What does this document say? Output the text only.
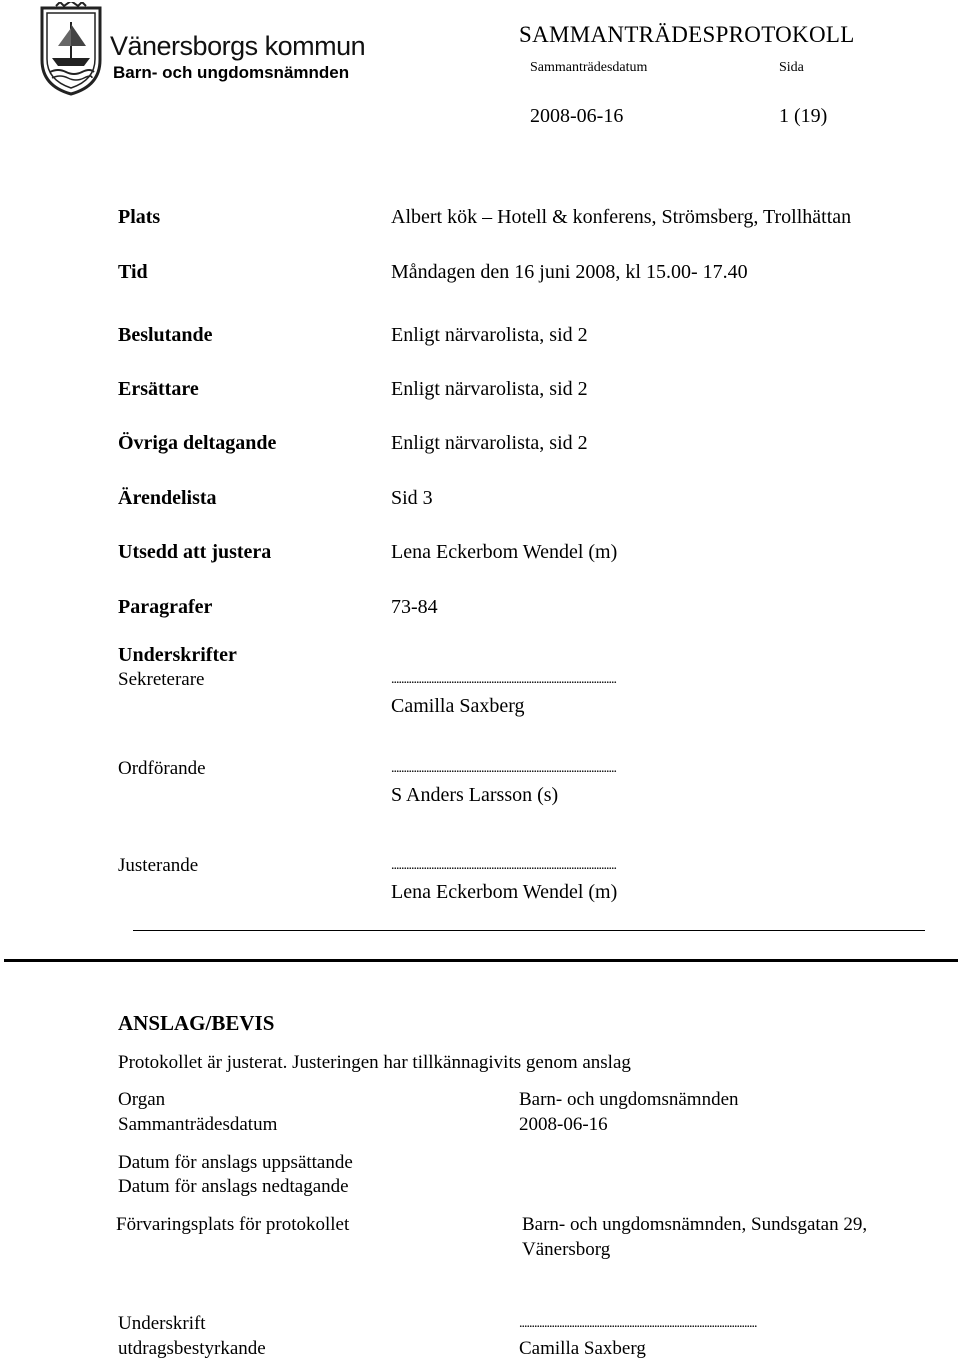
Vänersborgs kommun
Barn- och ungdomsnämnden
SAMMANTRÄDESPROTOKOLL
Sammanträdesdatum	Sida
2008-06-16	1 (19)
Plats	Albert kök – Hotell & konferens, Strömsberg, Trollhättan
Tid	Måndagen den 16 juni 2008, kl 15.00- 17.40
Beslutande	Enligt närvarolista, sid 2
Ersättare	Enligt närvarolista, sid 2
Övriga deltagande	Enligt närvarolista, sid 2
Ärendelista	Sid 3
Utsedd att justera	Lena Eckerbom Wendel (m)
Paragrafer	73-84
Underskrifter
Sekreterare	..........................................................................................
Camilla Saxberg
Ordförande	..........................................................................................
S Anders Larsson (s)
Justerande	..........................................................................................
Lena Eckerbom Wendel (m)
ANSLAG/BEVIS
Protokollet är justerat. Justeringen har tillkännagivits genom anslag
Organ	Barn- och ungdomsnämnden
Sammanträdesdatum	2008-06-16
Datum för anslags uppsättande
Datum för anslags nedtagande
Förvaringsplats för protokollet	Barn- och ungdomsnämnden, Sundsgatan 29,
Vänersborg
Underskrift
utdragsbestyrkande
...............................................................................................
Camilla Saxberg
